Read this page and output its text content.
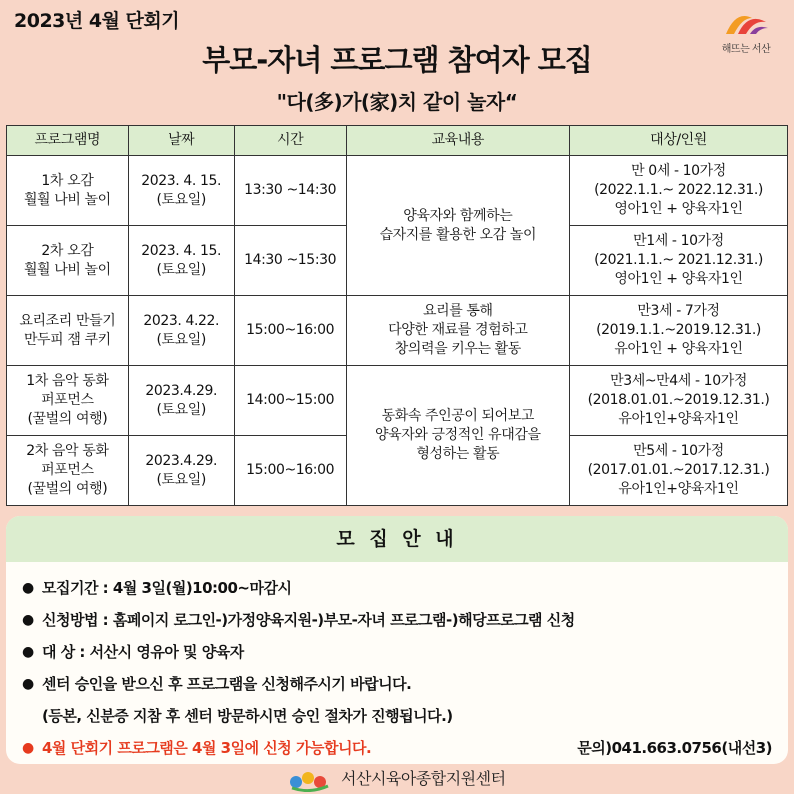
2023년 4월 단회기
해뜨는 서산
부모-자녀 프로그램 참여자 모집
"다(多)가(家)치 같이 놀자“
프로그램명	날짜	시간	교육내용	대상/인원
1차 오감
훨훨 나비 놀이	2023. 4. 15.
(토요일)	13:30 ~14:30	양육자와 함께하는
습자지를 활용한 오감 놀이	만 0세 - 10가정
(2022.1.1.~ 2022.12.31.)
영아1인 + 양육자1인
2차 오감
훨훨 나비 놀이	2023. 4. 15.
(토요일)	14:30 ~15:30		만1세 - 10가정
(2021.1.1.~ 2021.12.31.)
영아1인 + 양육자1인
요리조리 만들기
만두피 잼 쿠키	2023. 4.22.
(토요일)	15:00~16:00	요리를 통해
다양한 재료를 경험하고
창의력을 키우는 활동	만3세 - 7가정
(2019.1.1.~2019.12.31.)
유아1인 + 양육자1인
1차 음악 동화
퍼포먼스
(꿀벌의 여행)	2023.4.29.
(토요일)	14:00~15:00	동화속 주인공이 되어보고
양육자와 긍정적인 유대감을
형성하는 활동	만3세~만4세 - 10가정
(2018.01.01.~2019.12.31.)
유아1인+양육자1인
2차 음악 동화
퍼포먼스
(꿀벌의 여행)	2023.4.29.
(토요일)	15:00~16:00		만5세 - 10가정
(2017.01.01.~2017.12.31.)
유아1인+양육자1인
모 집 안 내
● 모집기간 : 4월 3일(월)10:00~마감시
● 신청방법 : 홈페이지 로그인-)가정양육지원-)부모-자녀 프로그램-)해당프로그램 신청
● 대 상 : 서산시 영유아 및 양육자
● 센터 승인을 받으신 후 프로그램을 신청해주시기 바랍니다.
(등본, 신분증 지참 후 센터 방문하시면 승인 절차가 진행됩니다.)
● 4월 단회기 프로그램은 4월 3일에 신청 가능합니다.	문의)041.663.0756(내선3)
서산시육아종합지원센터
